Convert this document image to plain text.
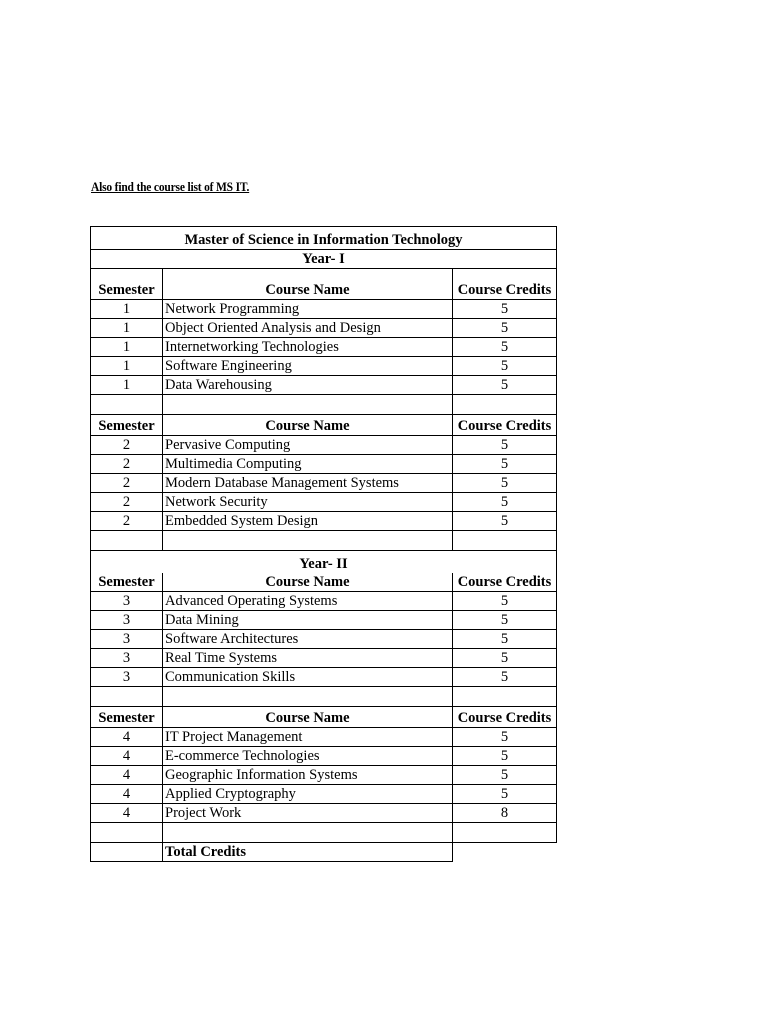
Also find the course list of MS IT.
Master of Science in Information Technology		
Year- I		
Semester	Course Name	Course Credits
1	Network Programming	5
1	Object Oriented Analysis and Design	5
1	Internetworking Technologies	5
1	Software Engineering	5
1	Data Warehousing	5

Semester	Course Name	Course Credits
2	Pervasive Computing	5
2	Multimedia Computing	5
2	Modern Database Management Systems	5
2	Network Security	5
2	Embedded System Design	5

Year- II		
Semester	Course Name	Course Credits
3	Advanced Operating Systems	5
3	Data Mining	5
3	Software Architectures	5
3	Real Time Systems	5
3	Communication Skills	5

Semester	Course Name	Course Credits
4	IT Project Management	5
4	E-commerce Technologies	5
4	Geographic Information Systems	5
4	Applied Cryptography	5
4	Project Work	8

	Total Credits	
